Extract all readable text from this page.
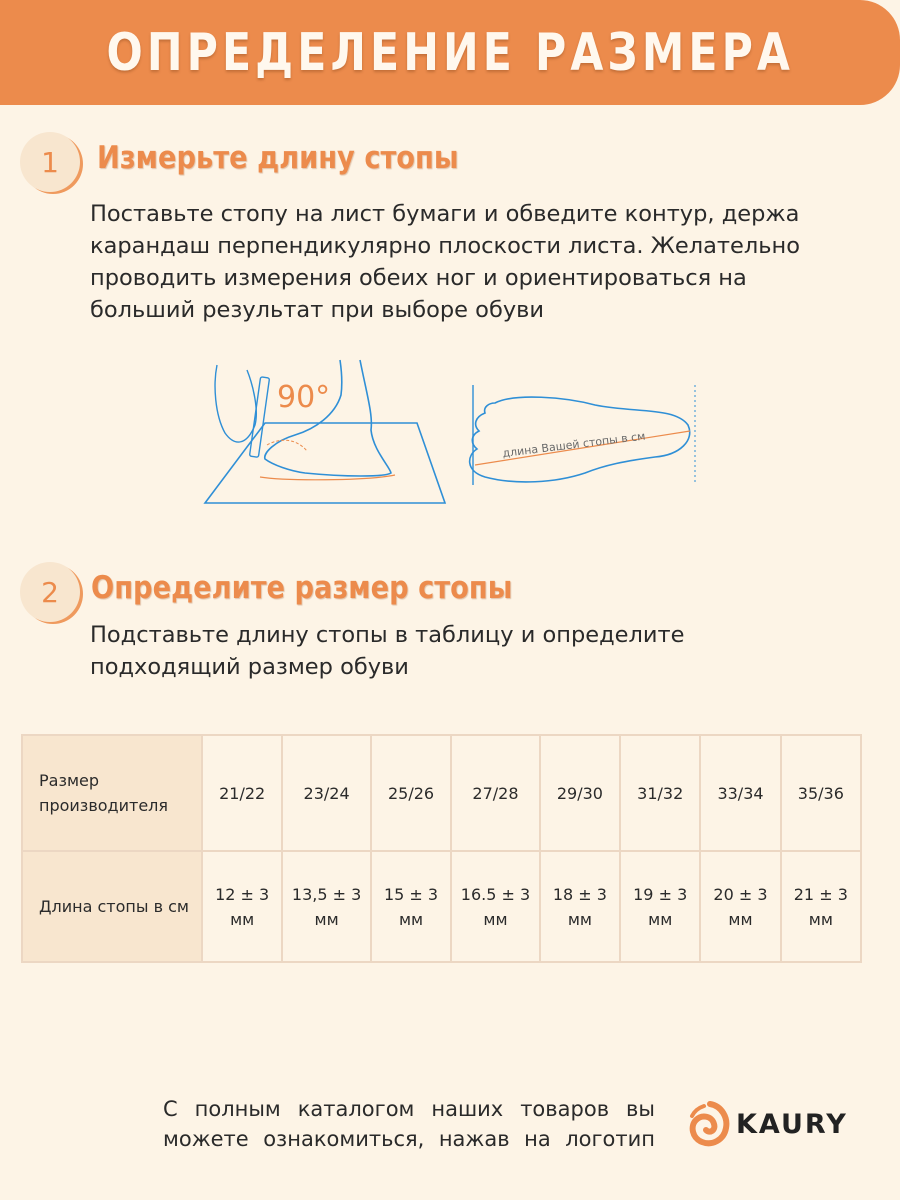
ОПРЕДЕЛЕНИЕ РАЗМЕРА
1 Измерьте длину стопы

Поставьте стопу на лист бумаги и обведите контур, держа
карандаш перпендикулярно плоскости листа. Желательно
проводить измерения обеих ног и ориентироваться на
больший результат при выборе обуви

90°
длина Вашей стопы в см
2 Определите размер стопы

Подставьте длину стопы в таблицу и определите
подходящий размер обуви

Размер производителя	21/22	23/24	25/26	27/28	29/30	31/32	33/34	35/36
Длина стопы в см	12 ± 3 мм	13,5 ± 3 мм	15 ± 3 мм	16.5 ± 3 мм	18 ± 3 мм	19 ± 3 мм	20 ± 3 мм	21 ± 3 мм
С полным каталогом наших товаров вы
можете ознакомиться, нажав на логотип	KAURY
